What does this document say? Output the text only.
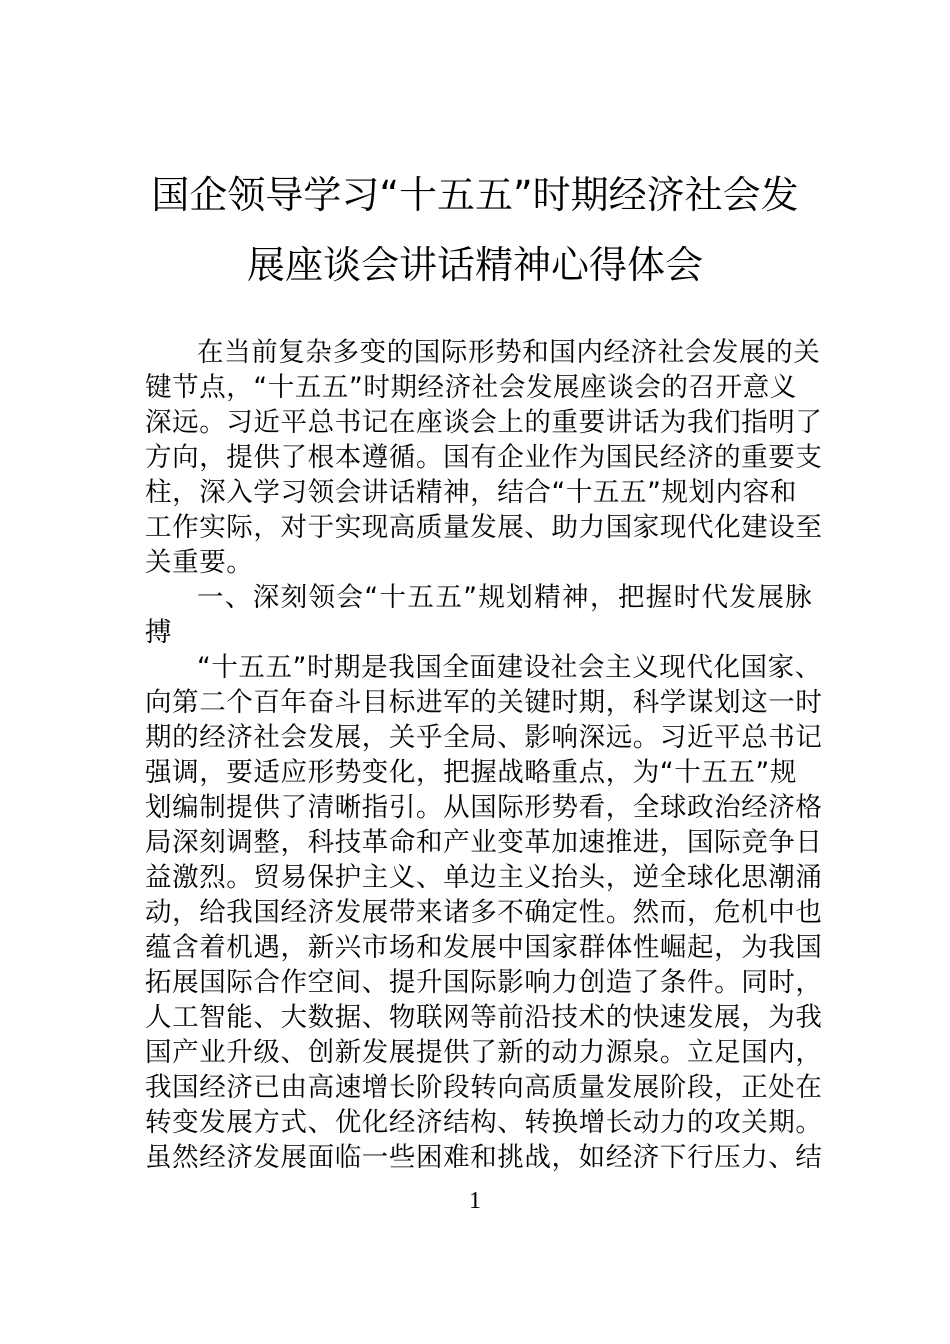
国企领导学习“十五五”时期经济社会发
展座谈会讲话精神心得体会
在当前复杂多变的国际形势和国内经济社会发展的关
键节点，“十五五”时期经济社会发展座谈会的召开意义
深远。习近平总书记在座谈会上的重要讲话为我们指明了
方向，提供了根本遵循。国有企业作为国民经济的重要支
柱，深入学习领会讲话精神，结合“十五五”规划内容和
工作实际，对于实现高质量发展、助力国家现代化建设至
关重要。
一、深刻领会“十五五”规划精神，把握时代发展脉
搏
“十五五”时期是我国全面建设社会主义现代化国家、
向第二个百年奋斗目标进军的关键时期，科学谋划这一时
期的经济社会发展，关乎全局、影响深远。习近平总书记
强调，要适应形势变化，把握战略重点，为“十五五”规
划编制提供了清晰指引。从国际形势看，全球政治经济格
局深刻调整，科技革命和产业变革加速推进，国际竞争日
益激烈。贸易保护主义、单边主义抬头，逆全球化思潮涌
动，给我国经济发展带来诸多不确定性。然而，危机中也
蕴含着机遇，新兴市场和发展中国家群体性崛起，为我国
拓展国际合作空间、提升国际影响力创造了条件。同时，
人工智能、大数据、物联网等前沿技术的快速发展，为我
国产业升级、创新发展提供了新的动力源泉。立足国内，
我国经济已由高速增长阶段转向高质量发展阶段，正处在
转变发展方式、优化经济结构、转换增长动力的攻关期。
虽然经济发展面临一些困难和挑战，如经济下行压力、结
1
